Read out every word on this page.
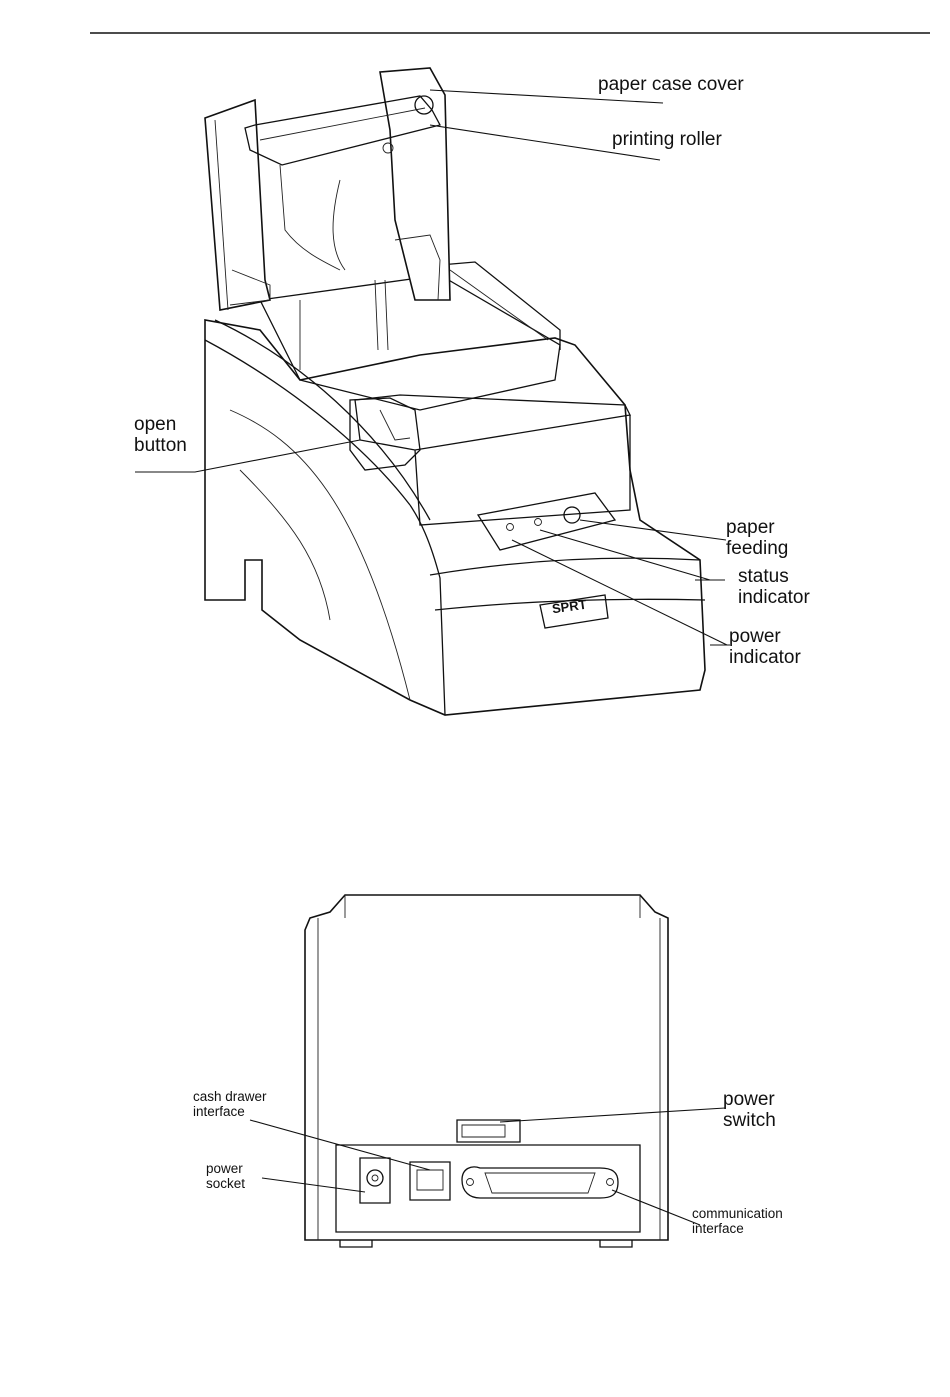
paper case cover
printing roller
open
button
paper
feeding
status
indicator
power
indicator
SPRT
cash drawer
interface
power
socket
power
switch
communication
interface
